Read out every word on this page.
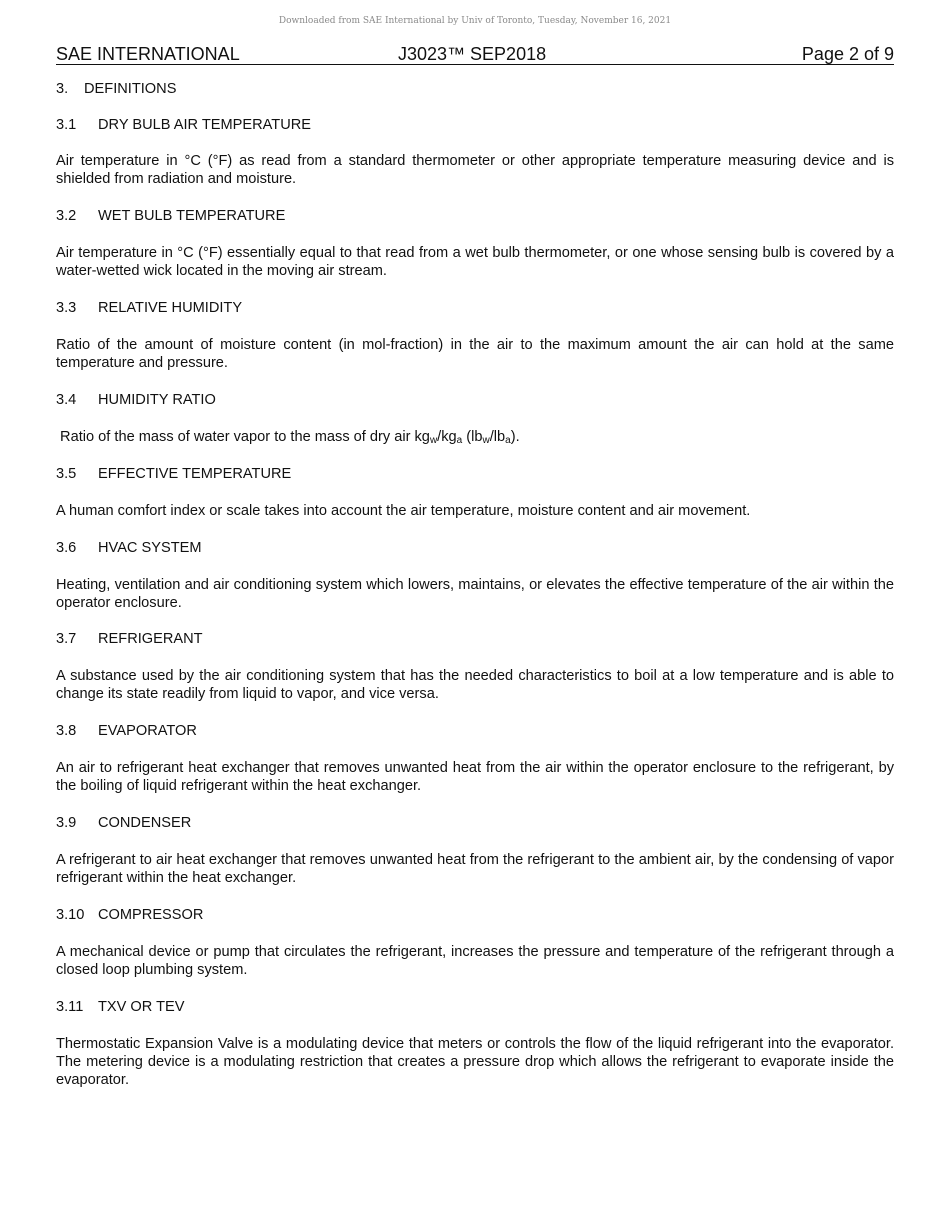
Downloaded from SAE International by Univ of Toronto, Tuesday, November 16, 2021
SAE INTERNATIONAL	J3023™ SEP2018	Page 2 of 9
3. DEFINITIONS
3.1 DRY BULB AIR TEMPERATURE

Air temperature in °C (°F) as read from a standard thermometer or other appropriate temperature measuring device and is shielded from radiation and moisture.

3.2 WET BULB TEMPERATURE

Air temperature in °C (°F) essentially equal to that read from a wet bulb thermometer, or one whose sensing bulb is covered by a water-wetted wick located in the moving air stream.

3.3 RELATIVE HUMIDITY

Ratio of the amount of moisture content (in mol-fraction) in the air to the maximum amount the air can hold at the same temperature and pressure.

3.4 HUMIDITY RATIO

Ratio of the mass of water vapor to the mass of dry air $kg_w/kg_a$ $(lb_w/lb_a)$.

3.5 EFFECTIVE TEMPERATURE

A human comfort index or scale takes into account the air temperature, moisture content and air movement.

3.6 HVAC SYSTEM

Heating, ventilation and air conditioning system which lowers, maintains, or elevates the effective temperature of the air within the operator enclosure.

3.7 REFRIGERANT

A substance used by the air conditioning system that has the needed characteristics to boil at a low temperature and is able to change its state readily from liquid to vapor, and vice versa.

3.8 EVAPORATOR

An air to refrigerant heat exchanger that removes unwanted heat from the air within the operator enclosure to the refrigerant, by the boiling of liquid refrigerant within the heat exchanger.

3.9 CONDENSER

A refrigerant to air heat exchanger that removes unwanted heat from the refrigerant to the ambient air, by the condensing of vapor refrigerant within the heat exchanger.

3.10 COMPRESSOR

A mechanical device or pump that circulates the refrigerant, increases the pressure and temperature of the refrigerant through a closed loop plumbing system.

3.11 TXV OR TEV

Thermostatic Expansion Valve is a modulating device that meters or controls the flow of the liquid refrigerant into the evaporator. The metering device is a modulating restriction that creates a pressure drop which allows the refrigerant to evaporate inside the evaporator.
